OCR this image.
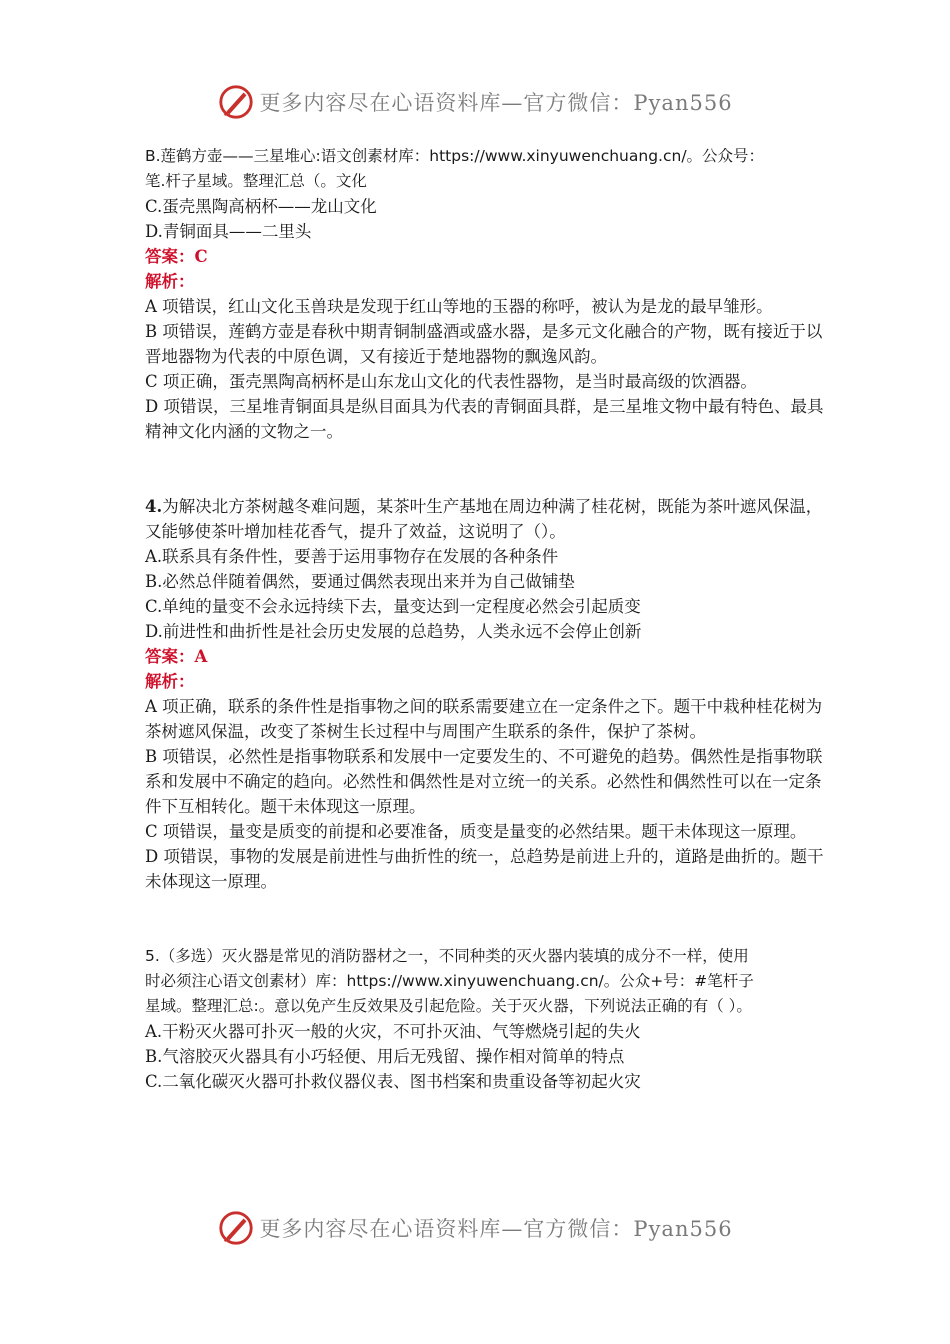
更多内容尽在心语资料库—官方微信：Pyan556
B.莲鹤方壶——三星堆心:语文创素材库：https://www.xinyuwenchuang.cn/。公众号：
笔.杆子星域。整理汇总（。文化
C.蛋壳黑陶高柄杯——龙山文化
D.青铜面具——二里头
答案：C
解析：
A 项错误，红山文化玉兽玦是发现于红山等地的玉器的称呼，被认为是龙的最早雏形。
B 项错误，莲鹤方壶是春秋中期青铜制盛酒或盛水器，是多元文化融合的产物，既有接近于以晋地器物为代表的中原色调，又有接近于楚地器物的飘逸风韵。
C 项正确，蛋壳黑陶高柄杯是山东龙山文化的代表性器物，是当时最高级的饮酒器。
D 项错误，三星堆青铜面具是纵目面具为代表的青铜面具群，是三星堆文物中最有特色、最具精神文化内涵的文物之一。
4.为解决北方茶树越冬难问题，某茶叶生产基地在周边种满了桂花树，既能为茶叶遮风保温，又能够使茶叶增加桂花香气，提升了效益，这说明了（）。
A.联系具有条件性，要善于运用事物存在发展的各种条件
B.必然总伴随着偶然，要通过偶然表现出来并为自己做铺垫
C.单纯的量变不会永远持续下去，量变达到一定程度必然会引起质变
D.前进性和曲折性是社会历史发展的总趋势，人类永远不会停止创新
答案：A
解析：
A 项正确，联系的条件性是指事物之间的联系需要建立在一定条件之下。题干中栽种桂花树为茶树遮风保温，改变了茶树生长过程中与周围产生联系的条件，保护了茶树。
B 项错误，必然性是指事物联系和发展中一定要发生的、不可避免的趋势。偶然性是指事物联系和发展中不确定的趋向。必然性和偶然性是对立统一的关系。必然性和偶然性可以在一定条件下互相转化。题干未体现这一原理。
C 项错误，量变是质变的前提和必要准备，质变是量变的必然结果。题干未体现这一原理。
D 项错误，事物的发展是前进性与曲折性的统一，总趋势是前进上升的，道路是曲折的。题干未体现这一原理。
5.（多选）灭火器是常见的消防器材之一，不同种类的灭火器内装填的成分不一样，使用
时必须注心语文创素材）库：https://www.xinyuwenchuang.cn/。公众+号：#笔杆子
星域。整理汇总:。意以免产生反效果及引起危险。关于灭火器，下列说法正确的有（ ）。
A.干粉灭火器可扑灭一般的火灾，不可扑灭油、气等燃烧引起的失火
B.气溶胶灭火器具有小巧轻便、用后无残留、操作相对简单的特点
C.二氧化碳灭火器可扑救仪器仪表、图书档案和贵重设备等初起火灾
更多内容尽在心语资料库—官方微信：Pyan556
